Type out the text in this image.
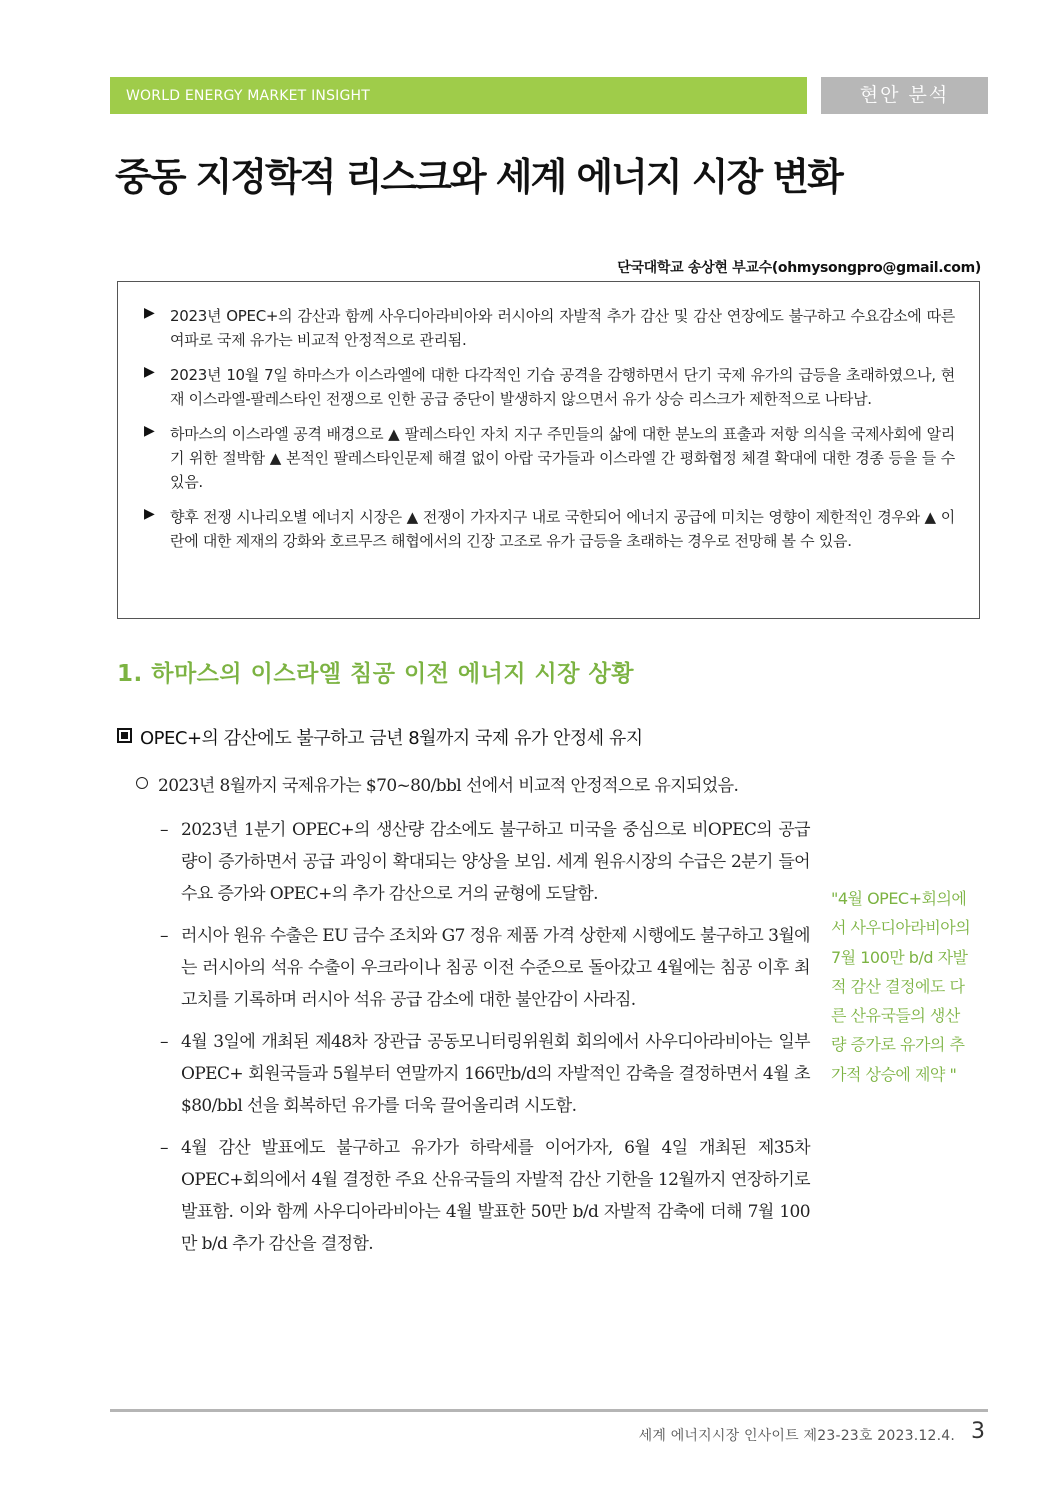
WORLD ENERGY MARKET INSIGHT	현안 분석
중동 지정학적 리스크와 세계 에너지 시장 변화
단국대학교 송상현 부교수(ohmysongpro@gmail.com)
▶ 2023년 OPEC+의 감산과 함께 사우디아라비아와 러시아의 자발적 추가 감산 및 감산 연장에도 불구하고 수요감소에 따른 여파로 국제 유가는 비교적 안정적으로 관리됨.
▶ 2023년 10월 7일 하마스가 이스라엘에 대한 다각적인 기습 공격을 감행하면서 단기 국제 유가의 급등을 초래하였으나, 현재 이스라엘-팔레스타인 전쟁으로 인한 공급 중단이 발생하지 않으면서 유가 상승 리스크가 제한적으로 나타남.
▶ 하마스의 이스라엘 공격 배경으로 ▲ 팔레스타인 자치 지구 주민들의 삶에 대한 분노의 표출과 저항 의식을 국제사회에 알리기 위한 절박함 ▲ 본적인 팔레스타인문제 해결 없이 아랍 국가들과 이스라엘 간 평화협정 체결 확대에 대한 경종 등을 들 수 있음.
▶ 향후 전쟁 시나리오별 에너지 시장은 ▲ 전쟁이 가자지구 내로 국한되어 에너지 공급에 미치는 영향이 제한적인 경우와 ▲ 이란에 대한 제재의 강화와 호르무즈 해협에서의 긴장 고조로 유가 급등을 초래하는 경우로 전망해 볼 수 있음.
1. 하마스의 이스라엘 침공 이전 에너지 시장 상황
OPEC+의 감산에도 불구하고 금년 8월까지 국제 유가 안정세 유지
2023년 8월까지 국제유가는 $70~80/bbl 선에서 비교적 안정적으로 유지되었음.
– 2023년 1분기 OPEC+의 생산량 감소에도 불구하고 미국을 중심으로 비OPEC의 공급량이 증가하면서 공급 과잉이 확대되는 양상을 보임. 세계 원유시장의 수급은 2분기 들어 수요 증가와 OPEC+의 추가 감산으로 거의 균형에 도달함.
– 러시아 원유 수출은 EU 금수 조치와 G7 정유 제품 가격 상한제 시행에도 불구하고 3월에는 러시아의 석유 수출이 우크라이나 침공 이전 수준으로 돌아갔고 4월에는 침공 이후 최고치를 기록하며 러시아 석유 공급 감소에 대한 불안감이 사라짐.
– 4월 3일에 개최된 제48차 장관급 공동모니터링위원회 회의에서 사우디아라비아는 일부 OPEC+ 회원국들과 5월부터 연말까지 166만b/d의 자발적인 감축을 결정하면서 4월 초 $80/bbl 선을 회복하던 유가를 더욱 끌어올리려 시도함.
– 4월 감산 발표에도 불구하고 유가가 하락세를 이어가자, 6월 4일 개최된 제35차 OPEC+회의에서 4월 결정한 주요 산유국들의 자발적 감산 기한을 12월까지 연장하기로 발표함. 이와 함께 사우디아라비아는 4월 발표한 50만 b/d 자발적 감축에 더해 7월 100만 b/d 추가 감산을 결정함.
"4월 OPEC+회의에서 사우디아라비아의 7월 100만 b/d 자발적 감산 결정에도 다른 산유국들의 생산량 증가로 유가의 추가적 상승에 제약 "
세계 에너지시장 인사이트 제23-23호 2023.12.4. 3
